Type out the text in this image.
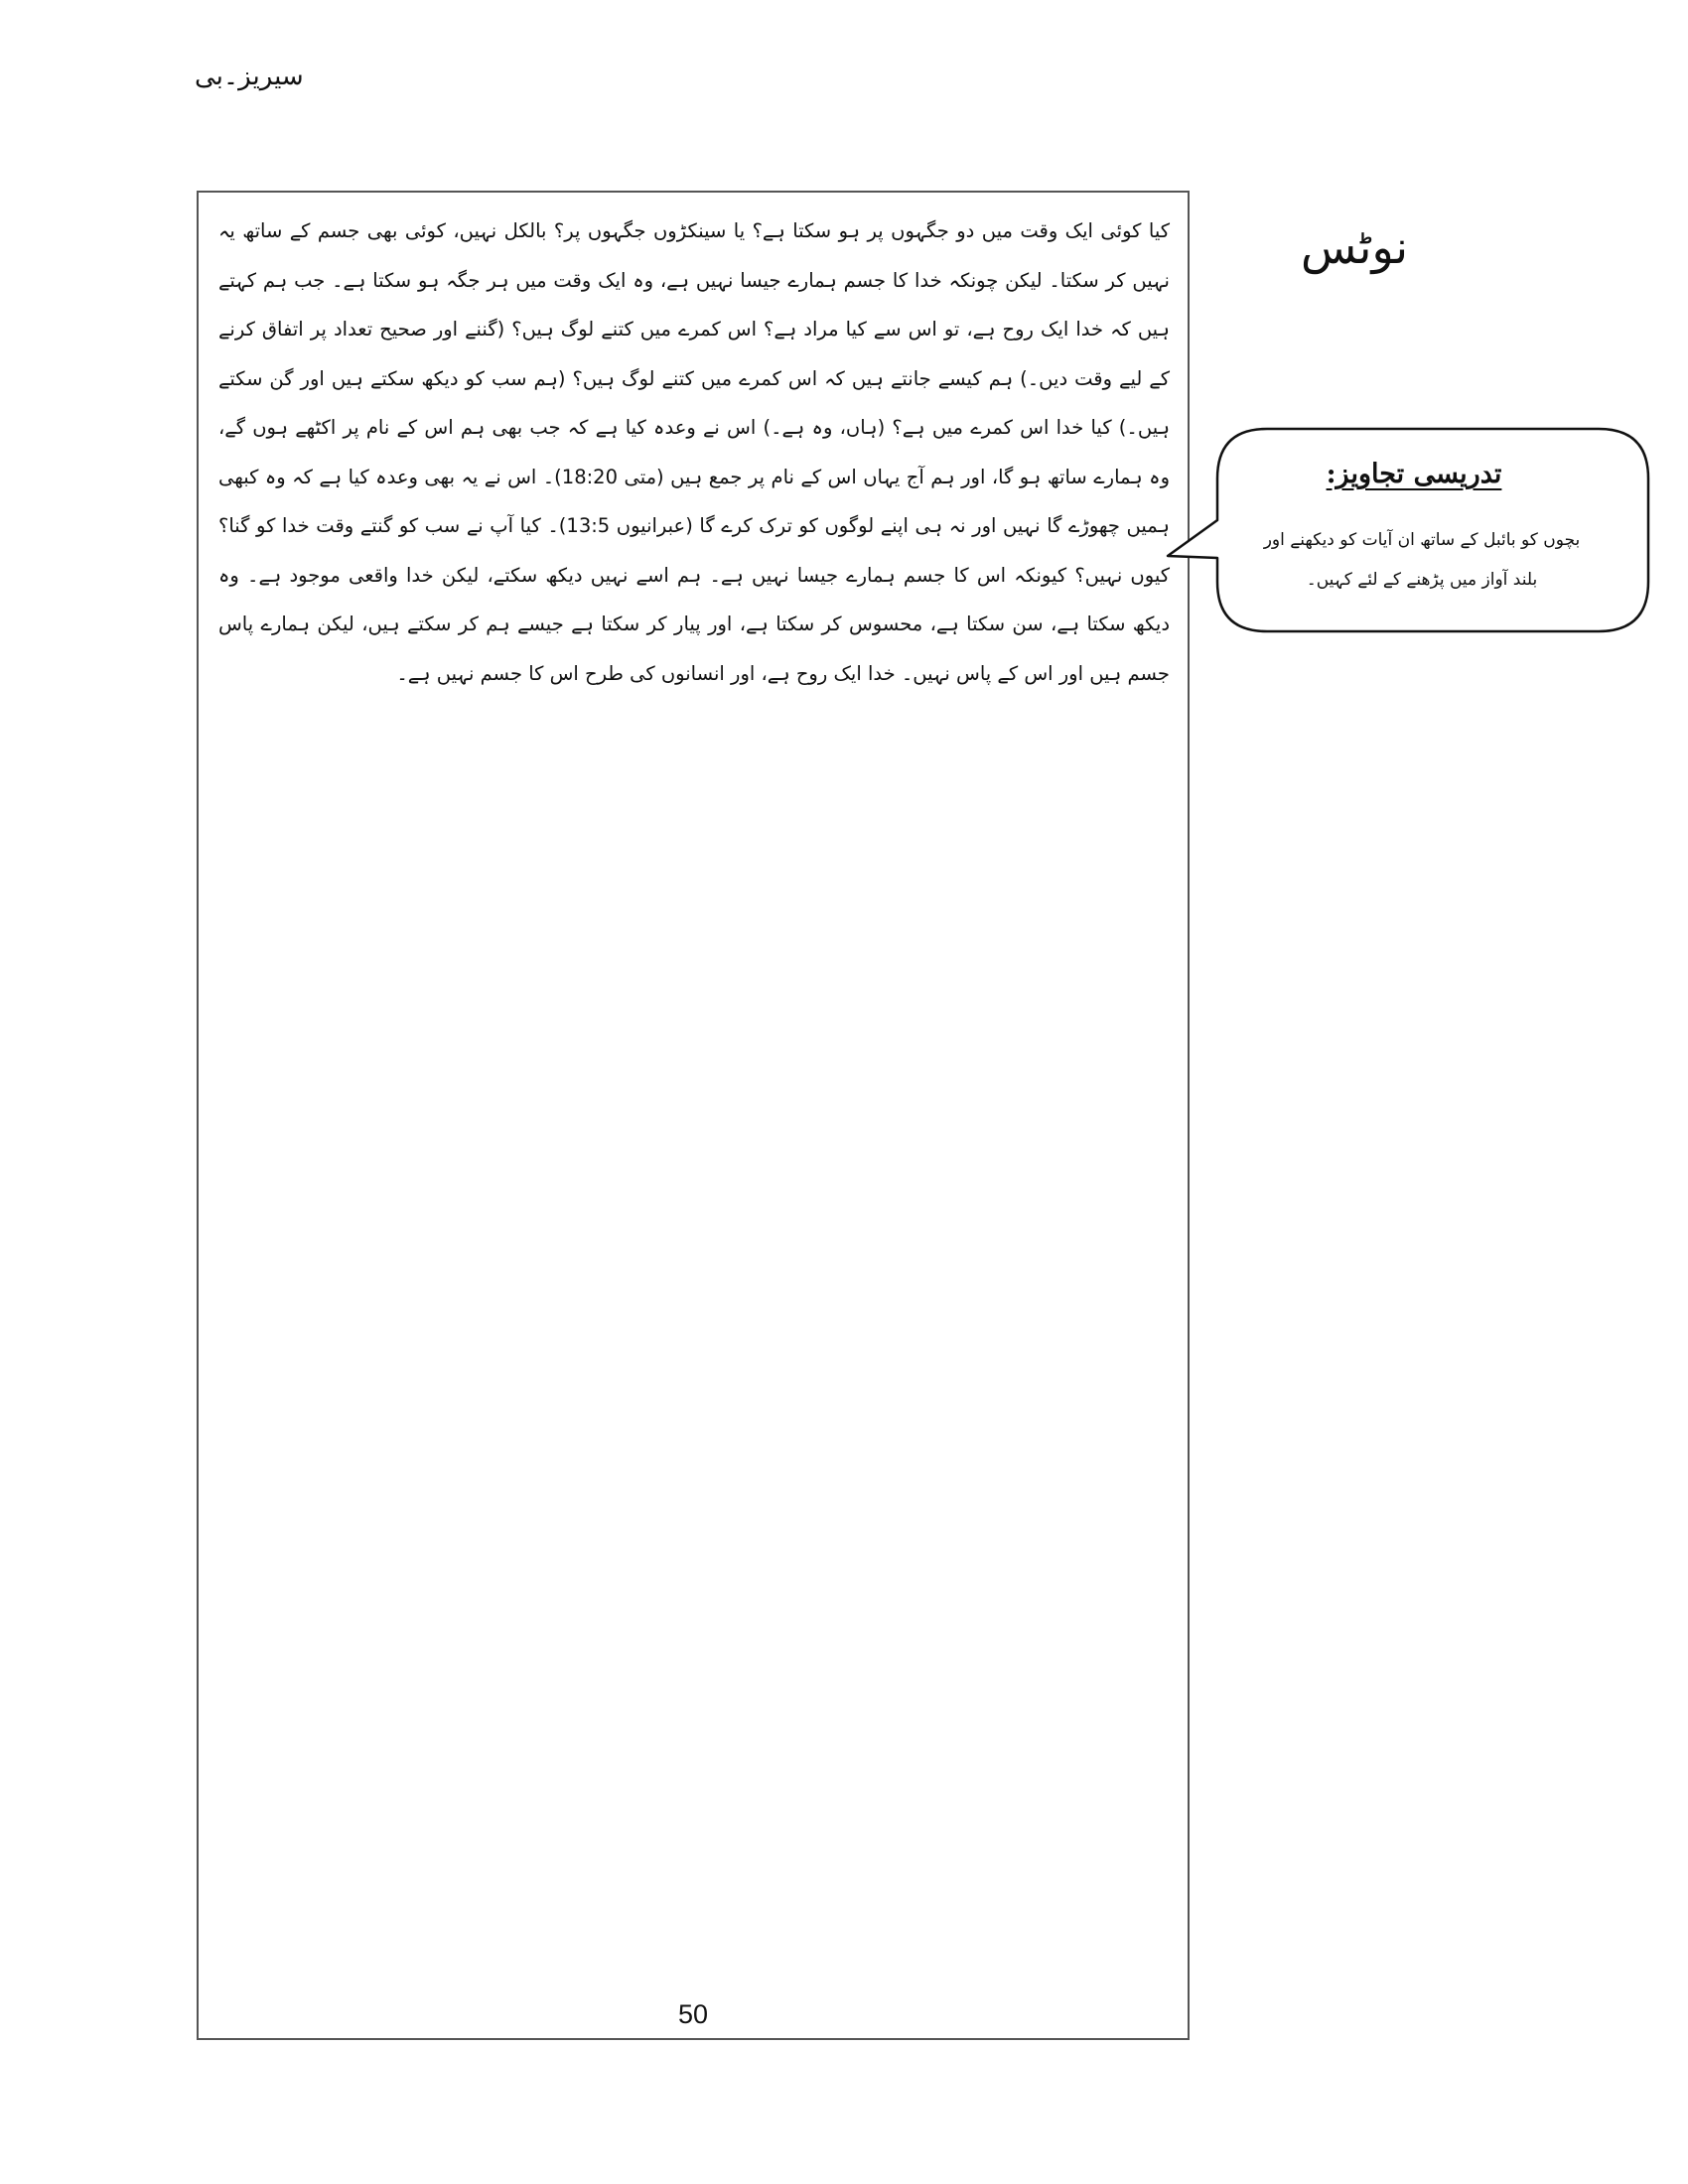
سیریز۔بی

کیا کوئی ایک وقت میں دو جگہوں پر ہو سکتا ہے؟ یا سینکڑوں جگہوں پر؟ بالکل نہیں، کوئی بھی جسم کے ساتھ یہ نہیں کر سکتا۔ لیکن چونکہ خدا کا جسم ہمارے جیسا نہیں ہے، وہ ایک وقت میں ہر جگہ ہو سکتا ہے۔ جب ہم کہتے ہیں کہ خدا ایک روح ہے، تو اس سے کیا مراد ہے؟ اس کمرے میں کتنے لوگ ہیں؟ (گننے اور صحیح تعداد پر اتفاق کرنے کے لیے وقت دیں۔) ہم کیسے جانتے ہیں کہ اس کمرے میں کتنے لوگ ہیں؟ (ہم سب کو دیکھ سکتے ہیں اور گن سکتے ہیں۔) کیا خدا اس کمرے میں ہے؟ (ہاں، وہ ہے۔) اس نے وعدہ کیا ہے کہ جب بھی ہم اس کے نام پر اکٹھے ہوں گے، وہ ہمارے ساتھ ہو گا، اور ہم آج یہاں اس کے نام پر جمع ہیں (متی 18:20)۔ اس نے یہ بھی وعدہ کیا ہے کہ وہ کبھی ہمیں چھوڑے گا نہیں اور نہ ہی اپنے لوگوں کو ترک کرے گا (عبرانیوں 13:5)۔ کیا آپ نے سب کو گنتے وقت خدا کو گنا؟ کیوں نہیں؟ کیونکہ اس کا جسم ہمارے جیسا نہیں ہے۔ ہم اسے نہیں دیکھ سکتے، لیکن خدا واقعی موجود ہے۔ وہ دیکھ سکتا ہے، سن سکتا ہے، محسوس کر سکتا ہے، اور پیار کر سکتا ہے جیسے ہم کر سکتے ہیں، لیکن ہمارے پاس جسم ہیں اور اس کے پاس نہیں۔ خدا ایک روح ہے، اور انسانوں کی طرح اس کا جسم نہیں ہے۔

50
نوٹس
تدریسی تجاویز:

بچوں کو بائبل کے ساتھ ان آیات کو دیکھنے اور بلند آواز میں پڑھنے کے لئے کہیں۔
